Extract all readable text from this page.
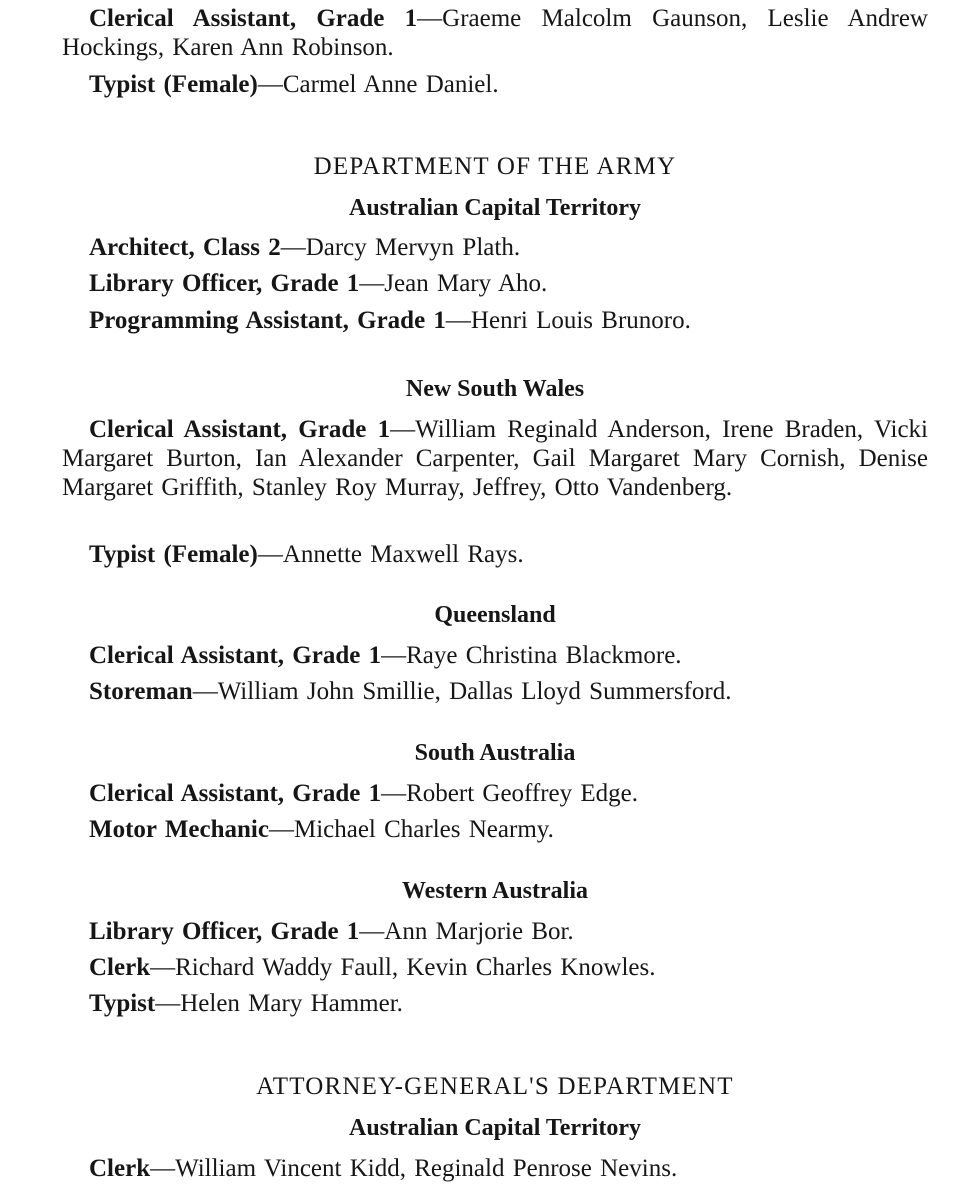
Clerical Assistant, Grade 1—Graeme Malcolm Gaunson, Leslie Andrew Hockings, Karen Ann Robinson.
Typist (Female)—Carmel Anne Daniel.
DEPARTMENT OF THE ARMY
Australian Capital Territory
Architect, Class 2—Darcy Mervyn Plath.
Library Officer, Grade 1—Jean Mary Aho.
Programming Assistant, Grade 1—Henri Louis Brunoro.
New South Wales
Clerical Assistant, Grade 1—William Reginald Anderson, Irene Braden, Vicki Margaret Burton, Ian Alexander Carpenter, Gail Margaret Mary Cornish, Denise Margaret Griffith, Stanley Roy Murray, Jeffrey, Otto Vandenberg.
Typist (Female)—Annette Maxwell Rays.
Queensland
Clerical Assistant, Grade 1—Raye Christina Blackmore.
Storeman—William John Smillie, Dallas Lloyd Summersford.
South Australia
Clerical Assistant, Grade 1—Robert Geoffrey Edge.
Motor Mechanic—Michael Charles Nearmy.
Western Australia
Library Officer, Grade 1—Ann Marjorie Bor.
Clerk—Richard Waddy Faull, Kevin Charles Knowles.
Typist—Helen Mary Hammer.
ATTORNEY-GENERAL'S DEPARTMENT
Australian Capital Territory
Clerk—William Vincent Kidd, Reginald Penrose Nevins.
